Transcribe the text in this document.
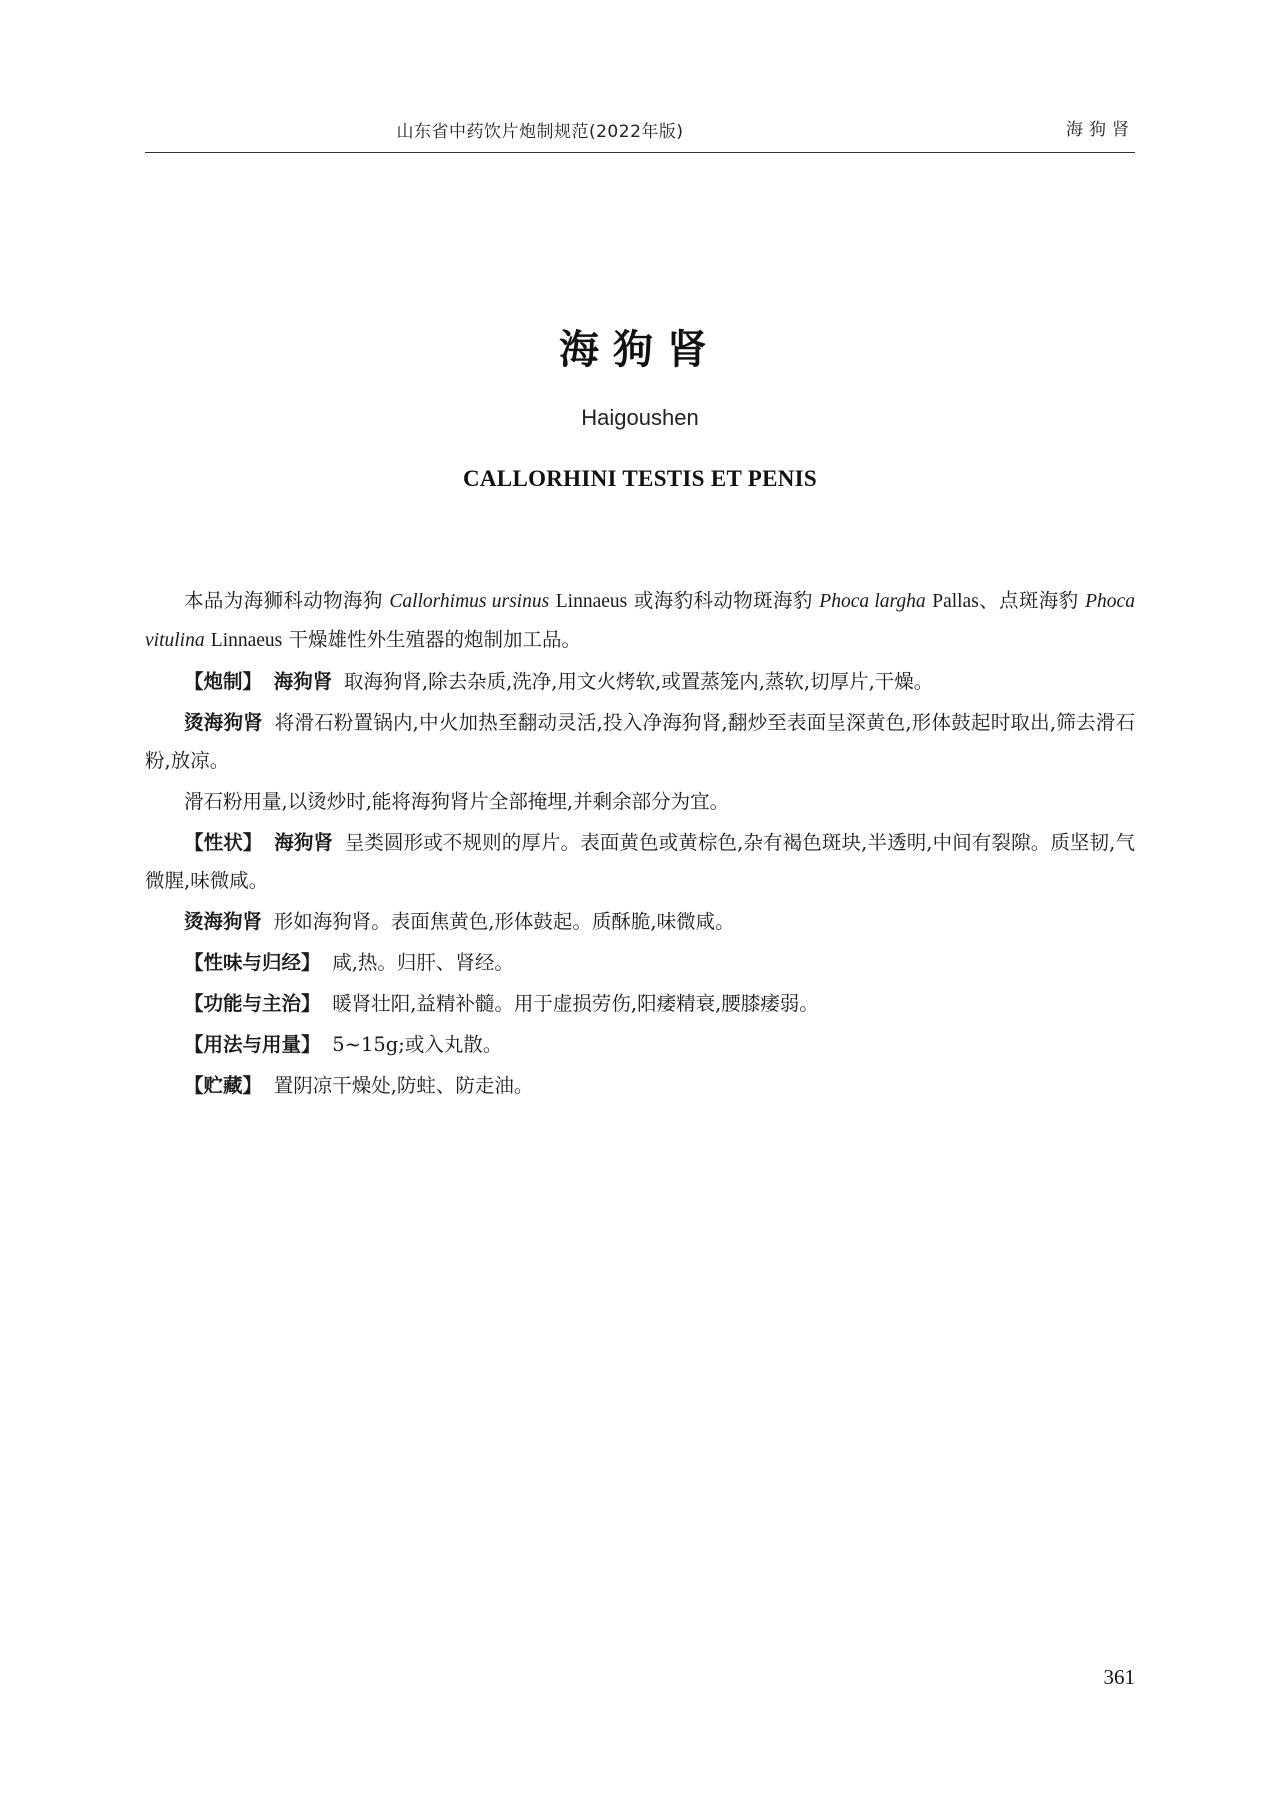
山东省中药饮片炮制规范(2022年版)	海狗肾
海狗肾
Haigoushen
CALLORHINI TESTIS ET PENIS

本品为海狮科动物海狗 Callorhimus ursinus Linnaeus 或海豹科动物斑海豹 Phoca largha Pallas、点斑海豹 Phoca vitulina Linnaeus 干燥雄性外生殖器的炮制加工品。

【炮制】 海狗肾 取海狗肾,除去杂质,洗净,用文火烤软,或置蒸笼内,蒸软,切厚片,干燥。

烫海狗肾 将滑石粉置锅内,中火加热至翻动灵活,投入净海狗肾,翻炒至表面呈深黄色,形体鼓起时取出,筛去滑石粉,放凉。

滑石粉用量,以烫炒时,能将海狗肾片全部掩埋,并剩余部分为宜。

【性状】 海狗肾 呈类圆形或不规则的厚片。表面黄色或黄棕色,杂有褐色斑块,半透明,中间有裂隙。质坚韧,气微腥,味微咸。

烫海狗肾 形如海狗肾。表面焦黄色,形体鼓起。质酥脆,味微咸。

【性味与归经】 咸,热。归肝、肾经。

【功能与主治】 暖肾壮阳,益精补髓。用于虚损劳伤,阳痿精衰,腰膝痿弱。

【用法与用量】 5~15g;或入丸散。

【贮藏】 置阴凉干燥处,防蛀、防走油。

361
